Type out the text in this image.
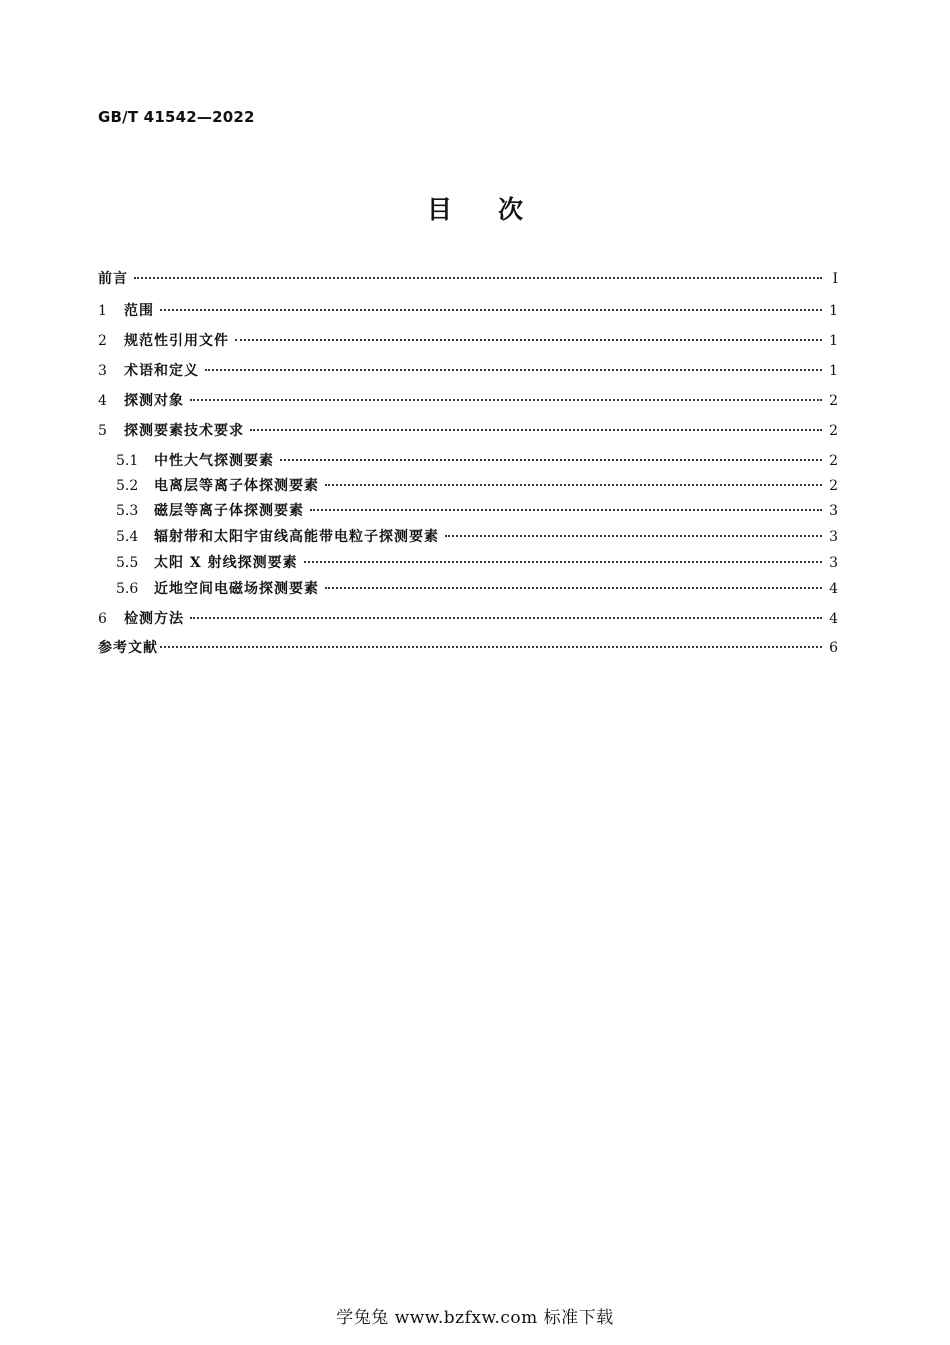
GB/T 41542—2022
目次
前言	Ⅰ
1	范围	1
2	规范性引用文件	1
3	术语和定义	1
4	探测对象	2
5	探测要素技术要求	2
5.1	中性大气探测要素	2
5.2	电离层等离子体探测要素	2
5.3	磁层等离子体探测要素	3
5.4	辐射带和太阳宇宙线高能带电粒子探测要素	3
5.5	太阳 X 射线探测要素	3
5.6	近地空间电磁场探测要素	4
6	检测方法	4
参考文献	6
学兔兔 www.bzfxw.com 标准下载
